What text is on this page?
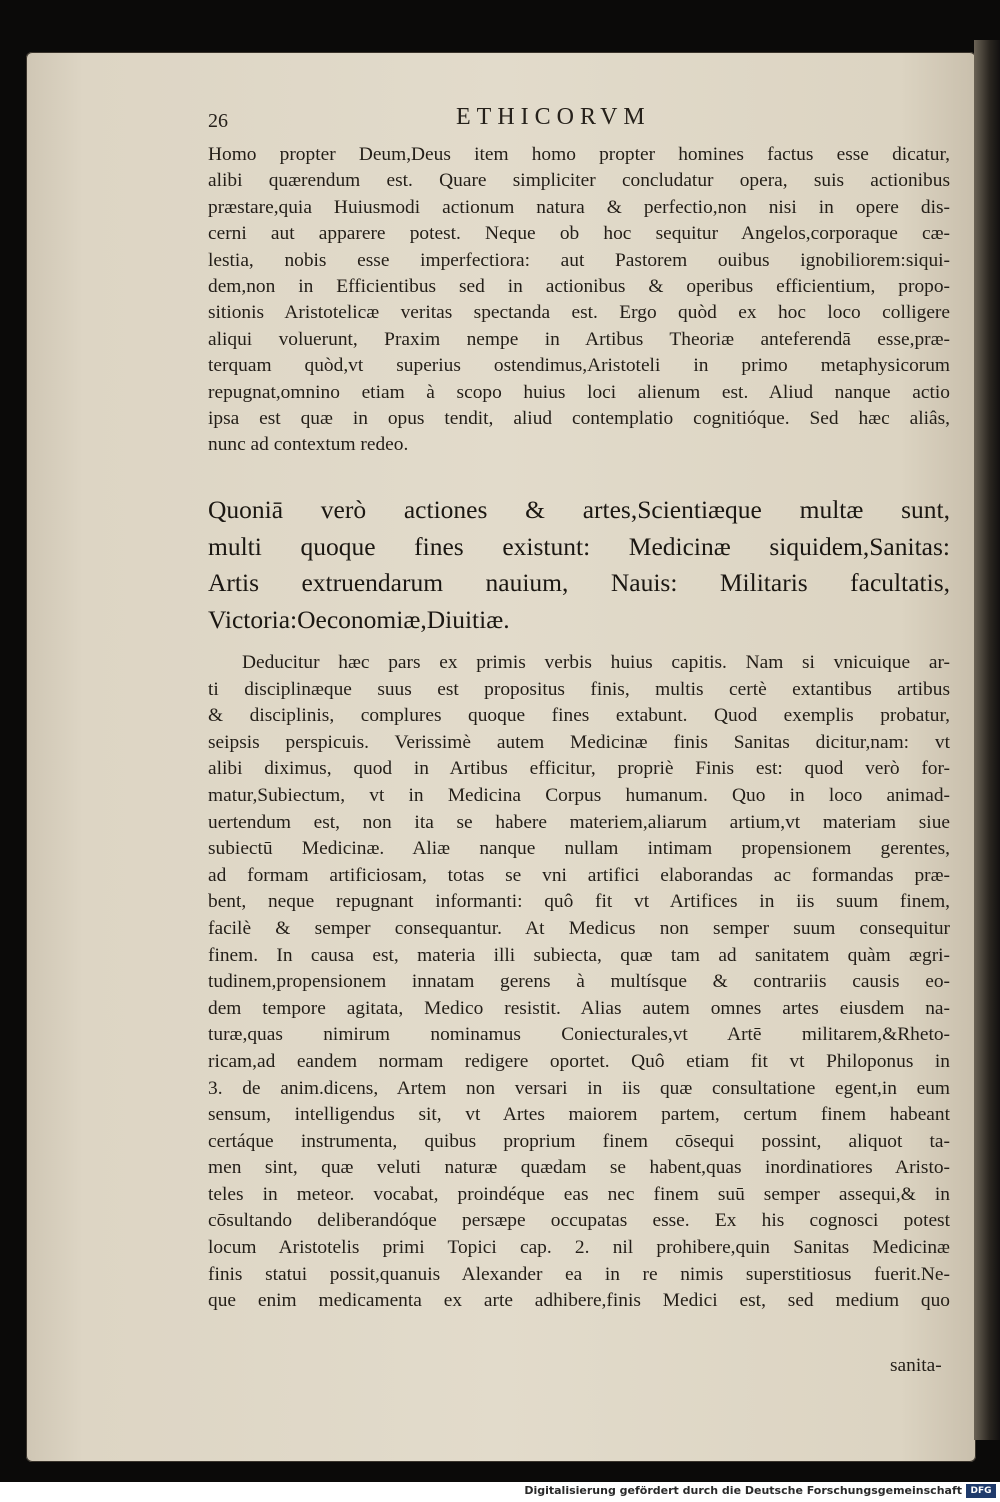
26	ETHICORVM
Homo propter Deum,Deus item homo propter homines factus esse dicatur,
alibi quærendum est. Quare simpliciter concludatur opera, suis actionibus
præstare,quia Huiusmodi actionum natura & perfectio,non nisi in opere dis-
cerni aut apparere potest. Neque ob hoc sequitur Angelos,corporaque cæ-
lestia, nobis esse imperfectiora: aut Pastorem ouibus ignobiliorem:siqui-
dem,non in Efficientibus sed in actionibus & operibus efficientium, propo-
sitionis Aristotelicæ veritas spectanda est. Ergo quòd ex hoc loco colligere
aliqui voluerunt, Praxim nempe in Artibus Theoriæ anteferendā esse,præ-
terquam quòd,vt superius ostendimus,Aristoteli in primo metaphysicorum
repugnat,omnino etiam à scopo huius loci alienum est. Aliud nanque actio
ipsa est quæ in opus tendit, aliud contemplatio cognitióque. Sed hæc aliâs,
nunc ad contextum redeo.
Quoniā verò actiones & artes,Scientiæque multæ sunt,
multi quoque fines existunt: Medicinæ siquidem,Sanitas:
Artis extruendarum nauium, Nauis: Militaris facultatis,
Victoria:Oeconomiæ,Diuitiæ.
Deducitur hæc pars ex primis verbis huius capitis. Nam si vnicuique ar-
ti disciplinæque suus est propositus finis, multis certè extantibus artibus
& disciplinis, complures quoque fines extabunt. Quod exemplis probatur,
seipsis perspicuis. Verissimè autem Medicinæ finis Sanitas dicitur,nam: vt
alibi diximus, quod in Artibus efficitur, propriè Finis est: quod verò for-
matur,Subiectum, vt in Medicina Corpus humanum. Quo in loco animad-
uertendum est, non ita se habere materiem,aliarum artium,vt materiam siue
subiectū Medicinæ. Aliæ nanque nullam intimam propensionem gerentes,
ad formam artificiosam, totas se vni artifici elaborandas ac formandas præ-
bent, neque repugnant informanti: quô fit vt Artifices in iis suum finem,
facilè & semper consequantur. At Medicus non semper suum consequitur
finem. In causa est, materia illi subiecta, quæ tam ad sanitatem quàm ægri-
tudinem,propensionem innatam gerens à multísque & contrariis causis eo-
dem tempore agitata, Medico resistit. Alias autem omnes artes eiusdem na-
turæ,quas nimirum nominamus Coniecturales,vt Artē militarem,&Rheto-
ricam,ad eandem normam redigere oportet. Quô etiam fit vt Philoponus in
3. de anim.dicens, Artem non versari in iis quæ consultatione egent,in eum
sensum, intelligendus sit, vt Artes maiorem partem, certum finem habeant
certáque instrumenta, quibus proprium finem cōsequi possint, aliquot ta-
men sint, quæ veluti naturæ quædam se habent,quas inordinatiores Aristo-
teles in meteor. vocabat, proindéque eas nec finem suū semper assequi,& in
cōsultando deliberandóque persæpe occupatas esse. Ex his cognosci potest
locum Aristotelis primi Topici cap. 2. nil prohibere,quin Sanitas Medicinæ
finis statui possit,quanuis Alexander ea in re nimis superstitiosus fuerit.Ne-
que enim medicamenta ex arte adhibere,finis Medici est, sed medium quo
sanita-
Digitalisierung gefördert durch die Deutsche Forschungsgemeinschaft DFG
